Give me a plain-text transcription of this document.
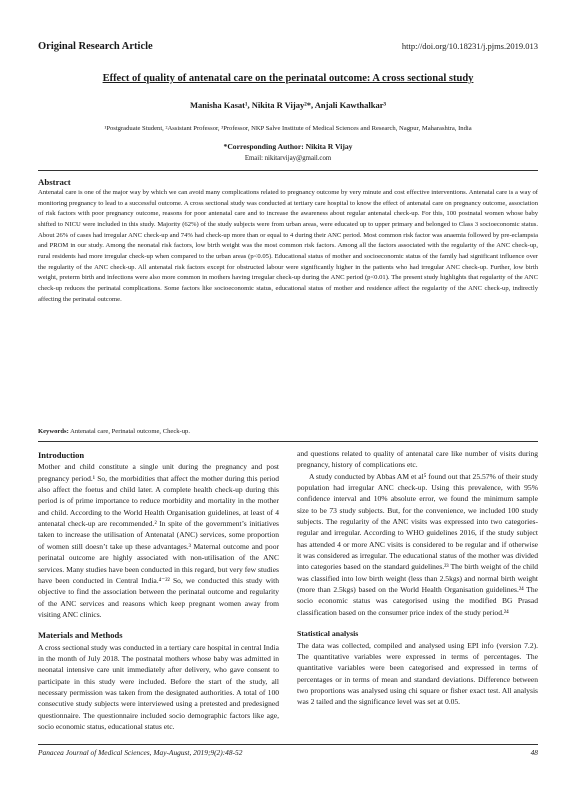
Original Research Article	http://doi.org/10.18231/j.pjms.2019.013
Effect of quality of antenatal care on the perinatal outcome: A cross sectional study
Manisha Kasat¹, Nikita R Vijay²*, Anjali Kawthalkar³
¹Postgraduate Student, ²Assistant Professor, ³Professor, NKP Salve Institute of Medical Sciences and Research, Nagpur, Maharashtra, India
*Corresponding Author: Nikita R Vijay
Email: nikitarvijay@gmail.com
Abstract
Antenatal care is one of the major way by which we can avoid many complications related to pregnancy outcome by very minute and cost effective interventions. Antenatal care is a way of monitoring pregnancy to lead to a successful outcome. A cross sectional study was conducted at tertiary care hospital to know the effect of antenatal care on pregnancy outcome, association of risk factors with poor pregnancy outcome, reasons for poor antenatal care and to increase the awareness about regular antenatal check-up. For this, 100 postnatal women whose baby shifted to NICU were included in this study. Majority (62%) of the study subjects were from urban areas, were educated up to upper primary and belonged to Class 3 socioeconomic status. About 26% of cases had irregular ANC check-up and 74% had check-up more than or equal to 4 during their ANC period. Most common risk factor was anaemia followed by pre-eclampsia and PROM in our study. Among the neonatal risk factors, low birth weight was the most common risk factors. Among all the factors associated with the regularity of the ANC check-up, rural residents had more irregular check-up when compared to the urban areas (p<0.05). Educational status of mother and socioeconomic status of the family had significant influence over the regularity of the ANC check-up. All antenatal risk factors except for obstructed labour were significantly higher in the patients who had irregular ANC check-up. Further, low birth weight, preterm birth and infections were also more common in mothers having irregular check-up during the ANC period (p<0.01). The present study highlights that regularity of the ANC check-up reduces the perinatal complications. Some factors like socioeconomic status, educational status of mother and residence affect the regularity of the ANC check-up, indirectly affecting the perinatal outcome.
Keywords: Antenatal care, Perinatal outcome, Check-up.
Introduction

Mother and child constitute a single unit during the pregnancy and post pregnancy period.¹ So, the morbidities that affect the mother during this period also affect the foetus and child later. A complete health check-up during this period is of prime importance to reduce morbidity and mortality in the mother and child. According to the World Health Organisation guidelines, at least of 4 antenatal check-up are recommended.² In spite of the government’s initiatives taken to increase the utilisation of Antenatal (ANC) services, some proportion of women still doesn’t take up these advantages.³ Maternal outcome and poor perinatal outcome are highly associated with non-utilisation of the ANC services. Many studies have been conducted in this regard, but very few studies have been conducted in Central India.⁴⁻²² So, we conducted this study with objective to find the association between the perinatal outcome and regularity of the ANC services and reasons which keep pregnant women away from visiting ANC clinics.

Materials and Methods

A cross sectional study was conducted in a tertiary care hospital in central India in the month of July 2018. The postnatal mothers whose baby was admitted in neonatal intensive care unit immediately after delivery, who gave consent to participate in this study were included. Before the start of the study, all necessary permission was taken from the designated authorities. A total of 100 consecutive study subjects were interviewed using a pretested and predesigned questionnaire. The questionnaire included socio demographic factors like age, socio economic status, educational status etc.

and questions related to quality of antenatal care like number of visits during pregnancy, history of complications etc.

A study conducted by Abbas AM et al⁵ found out that 25.57% of their study population had irregular ANC check-up. Using this prevalence, with 95% confidence interval and 10% absolute error, we found the minimum sample size to be 73 study subjects. But, for the convenience, we included 100 study subjects. The regularity of the ANC visits was expressed into two categories-regular and irregular. According to WHO guidelines 2016, if the study subject has attended 4 or more ANC visits is considered to be regular and if otherwise it was considered as irregular. The educational status of the mother was divided into categories based on the standard guidelines.²³ The birth weight of the child was classified into low birth weight (less than 2.5kgs) and normal birth weight (more than 2.5kgs) based on the World Health Organisation guidelines.²⁴ The socio economic status was categorised using the modified BG Prasad classification based on the consumer price index of the study period.²⁴

Statistical analysis

The data was collected, compiled and analysed using EPI info (version 7.2). The quantitative variables were expressed in terms of percentages. The quantitative variables were been categorised and expressed in terms of percentages or in terms of mean and standard deviations. Difference between two proportions was analysed using chi square or fisher exact test. All analysis was 2 tailed and the significance level was set at 0.05.

Panacea Journal of Medical Sciences, May-August, 2019;9(2):48-52	48
